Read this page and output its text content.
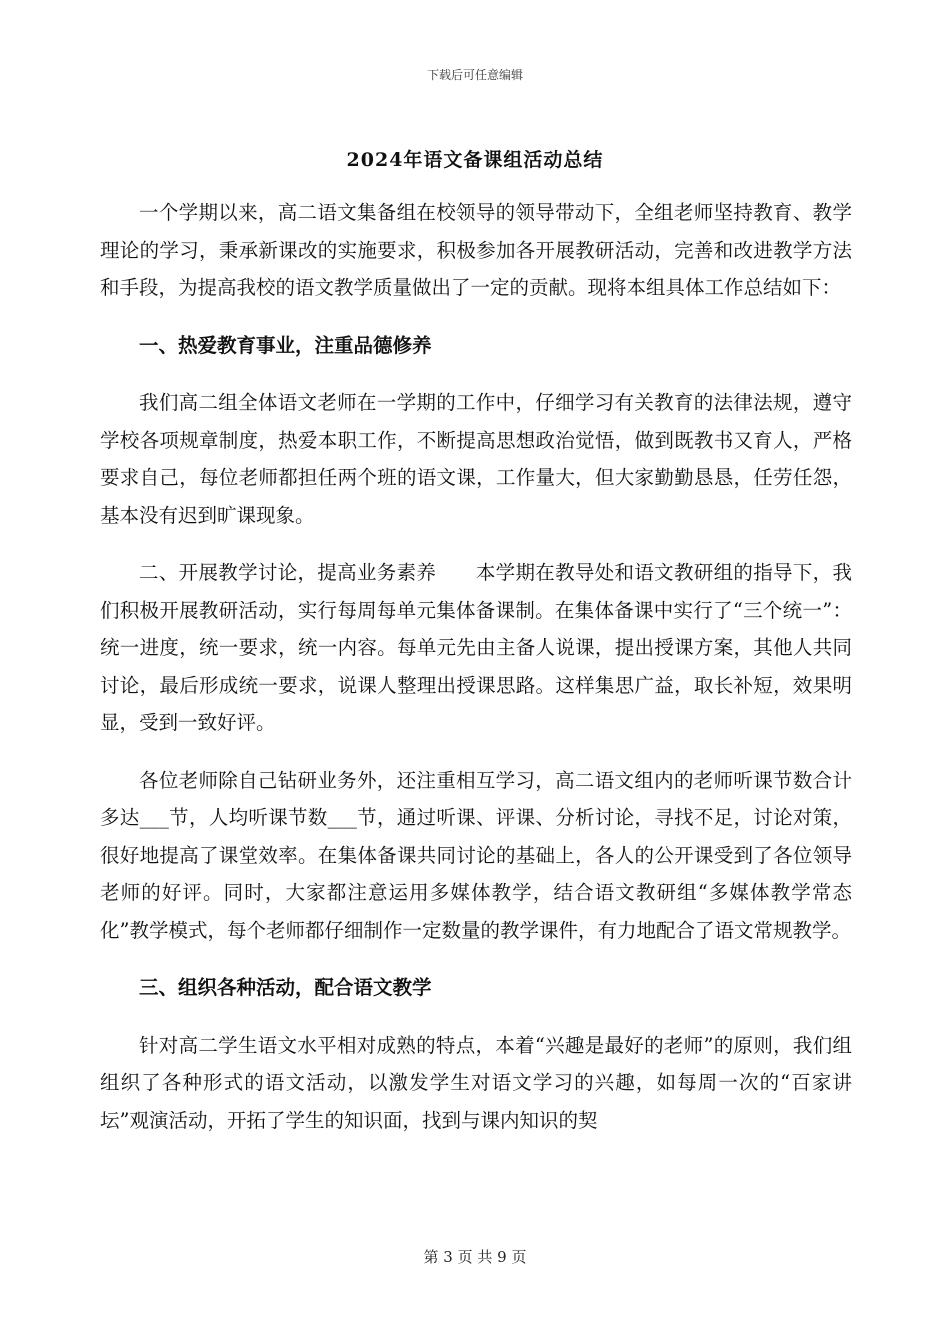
下载后可任意编辑
2024年语文备课组活动总结

一个学期以来，高二语文集备组在校领导的领导带动下，全组老师坚持教育、教学理论的学习，秉承新课改的实施要求，积极参加各开展教研活动，完善和改进教学方法和手段，为提高我校的语文教学质量做出了一定的贡献。现将本组具体工作总结如下：

一、热爱教育事业，注重品德修养

我们高二组全体语文老师在一学期的工作中，仔细学习有关教育的法律法规，遵守学校各项规章制度，热爱本职工作，不断提高思想政治觉悟，做到既教书又育人，严格要求自己，每位老师都担任两个班的语文课，工作量大，但大家勤勤恳恳，任劳任怨，基本没有迟到旷课现象。

二、开展教学讨论，提高业务素养　　本学期在教导处和语文教研组的指导下，我们积极开展教研活动，实行每周每单元集体备课制。在集体备课中实行了“三个统一”：统一进度，统一要求，统一内容。每单元先由主备人说课，提出授课方案，其他人共同讨论，最后形成统一要求，说课人整理出授课思路。这样集思广益，取长补短，效果明显，受到一致好评。

各位老师除自己钻研业务外，还注重相互学习，高二语文组内的老师听课节数合计多达___节，人均听课节数___节，通过听课、评课、分析讨论，寻找不足，讨论对策，很好地提高了课堂效率。在集体备课共同讨论的基础上，各人的公开课受到了各位领导老师的好评。同时，大家都注意运用多媒体教学，结合语文教研组“多媒体教学常态化”教学模式，每个老师都仔细制作一定数量的教学课件，有力地配合了语文常规教学。

三、组织各种活动，配合语文教学

针对高二学生语文水平相对成熟的特点，本着“兴趣是最好的老师”的原则，我们组组织了各种形式的语文活动，以激发学生对语文学习的兴趣，如每周一次的“百家讲坛”观演活动，开拓了学生的知识面，找到与课内知识的契

第 3 页 共 9 页
